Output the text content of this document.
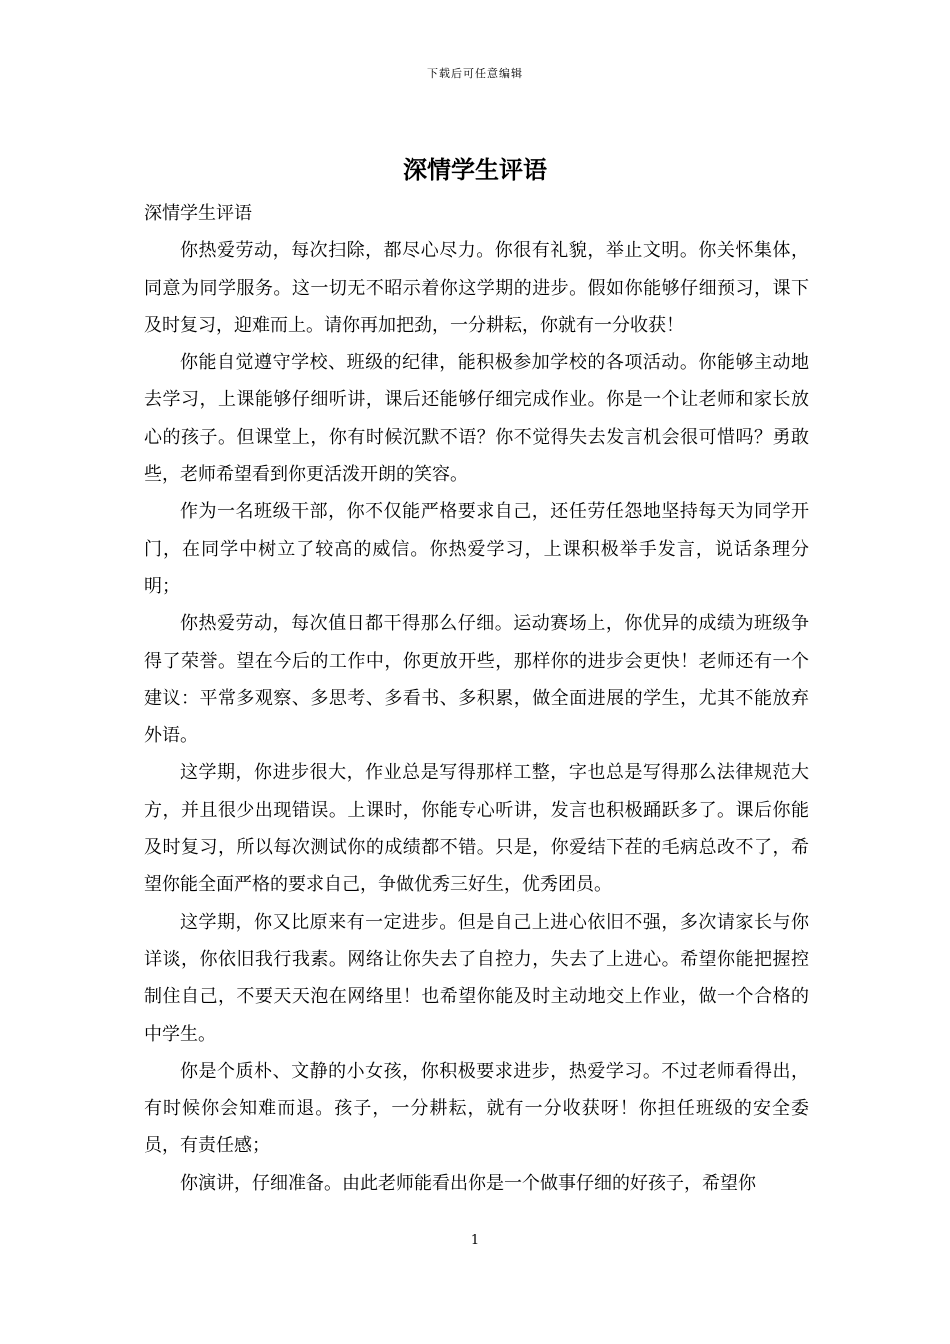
下载后可任意编辑
深情学生评语

深情学生评语

你热爱劳动，每次扫除，都尽心尽力。你很有礼貌，举止文明。你关怀集体，同意为同学服务。这一切无不昭示着你这学期的进步。假如你能够仔细预习，课下及时复习，迎难而上。请你再加把劲，一分耕耘，你就有一分收获！

你能自觉遵守学校、班级的纪律，能积极参加学校的各项活动。你能够主动地去学习，上课能够仔细听讲，课后还能够仔细完成作业。你是一个让老师和家长放心的孩子。但课堂上，你有时候沉默不语？你不觉得失去发言机会很可惜吗？勇敢些，老师希望看到你更活泼开朗的笑容。

作为一名班级干部，你不仅能严格要求自己，还任劳任怨地坚持每天为同学开门，在同学中树立了较高的威信。你热爱学习，上课积极举手发言，说话条理分明；

你热爱劳动，每次值日都干得那么仔细。运动赛场上，你优异的成绩为班级争得了荣誉。望在今后的工作中，你更放开些，那样你的进步会更快！老师还有一个建议：平常多观察、多思考、多看书、多积累，做全面进展的学生，尤其不能放弃外语。

这学期，你进步很大，作业总是写得那样工整，字也总是写得那么法律规范大方，并且很少出现错误。上课时，你能专心听讲，发言也积极踊跃多了。课后你能及时复习，所以每次测试你的成绩都不错。只是，你爱结下茬的毛病总改不了，希望你能全面严格的要求自己，争做优秀三好生，优秀团员。

这学期，你又比原来有一定进步。但是自己上进心依旧不强，多次请家长与你详谈，你依旧我行我素。网络让你失去了自控力，失去了上进心。希望你能把握控制住自己，不要天天泡在网络里！也希望你能及时主动地交上作业，做一个合格的中学生。

你是个质朴、文静的小女孩，你积极要求进步，热爱学习。不过老师看得出，有时候你会知难而退。孩子，一分耕耘，就有一分收获呀！你担任班级的安全委员，有责任感；

你演讲，仔细准备。由此老师能看出你是一个做事仔细的好孩子，希望你

1
